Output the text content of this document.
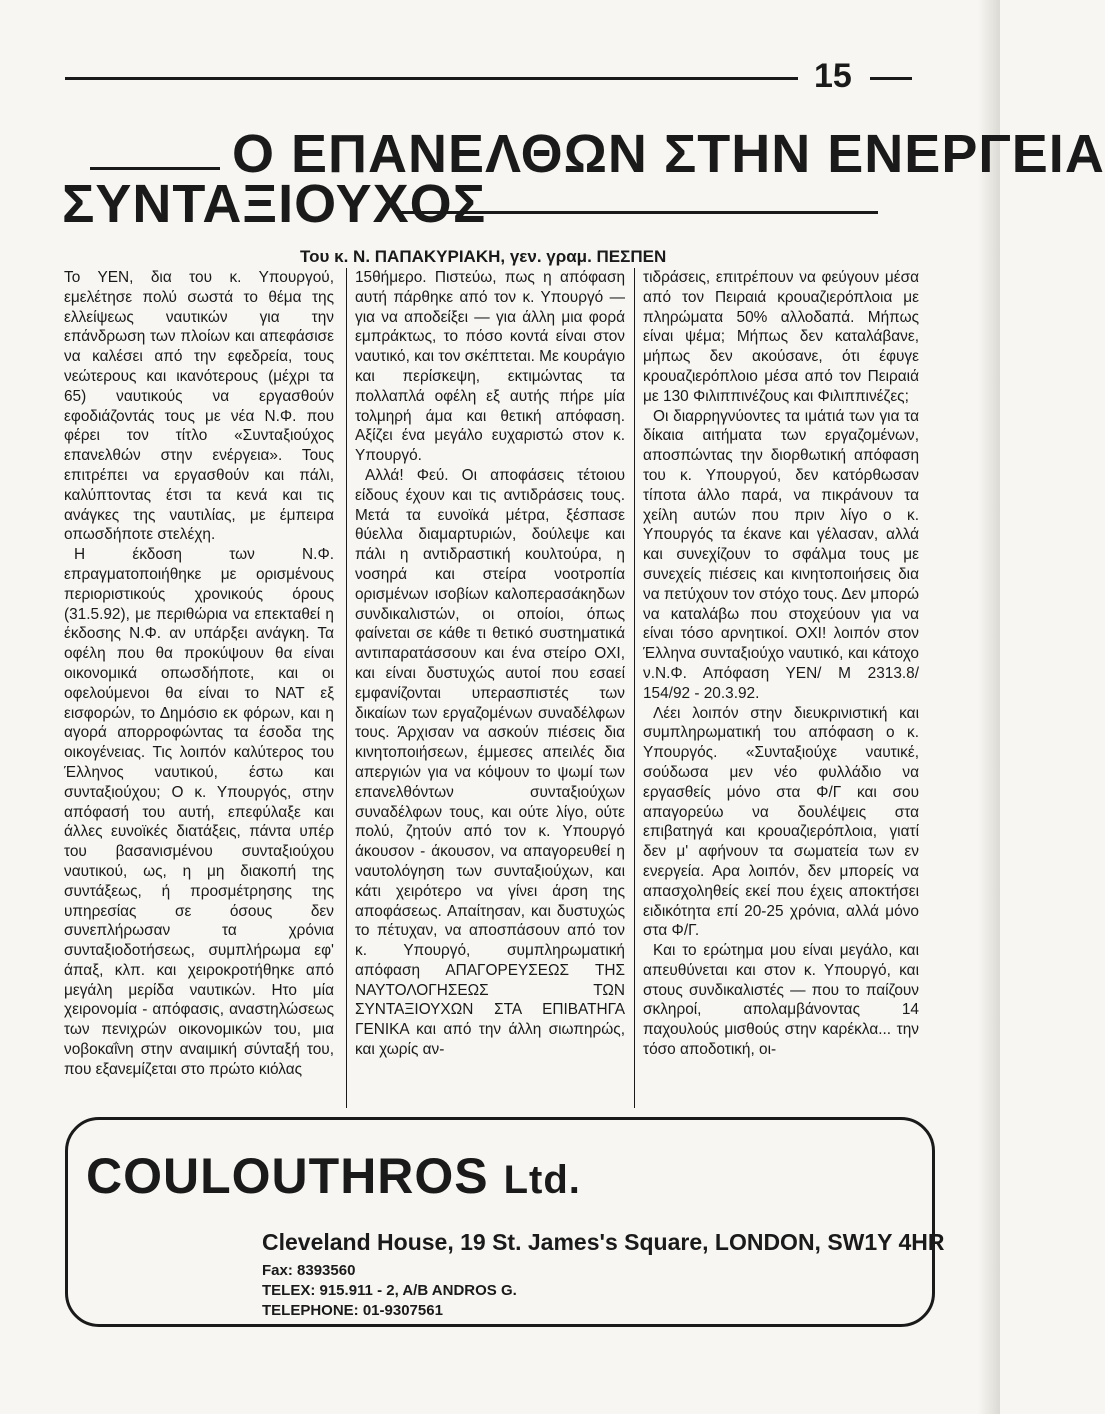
15
Ο ΕΠΑΝΕΛΘΩΝ ΣΤΗΝ ΕΝΕΡΓΕΙΑ
ΣΥΝΤΑΞΙΟΥΧΟΣ
Του κ. Ν. ΠΑΠΑΚΥΡΙΑΚΗ, γεν. γραμ. ΠΕΣΠΕΝ

Το ΥΕΝ, δια του κ. Υπουργού, εμελέτησε πολύ σωστά το θέμα της ελλείψεως ναυτικών για την επάνδρωση των πλοίων και απεφάσισε να καλέσει από την εφεδρεία, τους νεώτερους και ικανότερους (μέχρι τα 65) ναυτικούς να εργασθούν εφοδιάζοντάς τους με νέα Ν.Φ. που φέρει τον τίτλο «Συνταξιούχος επανελθών στην ενέργεια». Τους επιτρέπει να εργασθούν και πάλι, καλύπτοντας έτσι τα κενά και τις ανάγκες της ναυτιλίας, με έμπειρα οπωσδήποτε στελέχη.

Η έκδοση των Ν.Φ. επραγματοποιήθηκε με ορισμένους περιοριστικούς χρονικούς όρους (31.5.92), με περιθώρια να επεκταθεί η έκδοσης Ν.Φ. αν υπάρξει ανάγκη. Τα οφέλη που θα προκύψουν θα είναι οικονομικά οπωσδήποτε, και οι οφελούμενοι θα είναι το ΝΑΤ εξ εισφορών, το Δημόσιο εκ φόρων, και η αγορά απορροφώντας τα έσοδα της οικογένειας. Τις λοιπόν καλύτερος του Έλληνος ναυτικού, έστω και συνταξιούχου; Ο κ. Υπουργός, στην απόφασή του αυτή, επεφύλαξε και άλλες ευνοϊκές διατάξεις, πάντα υπέρ του βασανισμένου συνταξιούχου ναυτικού, ως, η μη διακοπή της συντάξεως, ή προσμέτρησης της υπηρεσίας σε όσους δεν συνεπλήρωσαν τα χρόνια συνταξιοδοτήσεως, συμπλήρωμα εφ' άπαξ, κλπ. και χειροκροτήθηκε από μεγάλη μερίδα ναυτικών. Ητο μία χειρονομία - απόφασις, αναστηλώσεως των πενιχρών οικονομικών του, μια νοβοκαΐνη στην αναιμική σύνταξή του, που εξανεμίζεται στο πρώτο κιόλας

15θήμερο. Πιστεύω, πως η απόφαση αυτή πάρθηκε από τον κ. Υπουργό — για να αποδείξει — για άλλη μια φορά εμπράκτως, το πόσο κοντά είναι στον ναυτικό, και τον σκέπτεται. Με κουράγιο και περίσκεψη, εκτιμώντας τα πολλαπλά οφέλη εξ αυτής πήρε μία τολμηρή άμα και θετική απόφαση. Αξίζει ένα μεγάλο ευχαριστώ στον κ. Υπουργό.

Αλλά! Φεύ. Οι αποφάσεις τέτοιου είδους έχουν και τις αντιδράσεις τους. Μετά τα ευνοϊκά μέτρα, ξέσπασε θύελλα διαμαρτυριών, δούλεψε και πάλι η αντιδραστική κουλτούρα, η νοσηρά και στείρα νοοτροπία ορισμένων ισοβίων καλοπερασάκηδων συνδικαλιστών, οι οποίοι, όπως φαίνεται σε κάθε τι θετικό συστηματικά αντιπαρατάσσουν και ένα στείρο ΟΧΙ, και είναι δυστυχώς αυτοί που εσαεί εμφανίζονται υπερασπιστές των δικαίων των εργαζομένων συναδέλφων τους. Άρχισαν να ασκούν πιέσεις δια κινητοποιήσεων, έμμεσες απειλές δια απεργιών για να κόψουν το ψωμί των επανελθόντων συνταξιούχων συναδέλφων τους, και ούτε λίγο, ούτε πολύ, ζητούν από τον κ. Υπουργό άκουσον - άκουσον, να απαγορευθεί η ναυτολόγηση των συνταξιούχων, και κάτι χειρότερο να γίνει άρση της αποφάσεως. Απαίτησαν, και δυστυχώς το πέτυχαν, να αποσπάσουν από τον κ. Υπουργό, συμπληρωματική απόφαση ΑΠΑΓΟΡΕΥΣΕΩΣ ΤΗΣ ΝΑΥΤΟΛΟΓΗΣΕΩΣ ΤΩΝ ΣΥΝΤΑΞΙΟΥΧΩΝ ΣΤΑ ΕΠΙΒΑΤΗΓΑ ΓΕΝΙΚΑ και από την άλλη σιωπηρώς, και χωρίς αν-

τιδράσεις, επιτρέπουν να φεύγουν μέσα από τον Πειραιά κρουαζιερόπλοια με πληρώματα 50% αλλοδαπά. Μήπως είναι ψέμα; Μήπως δεν καταλάβανε, μήπως δεν ακούσανε, ότι έφυγε κρουαζιερόπλοιο μέσα από τον Πειραιά με 130 Φιλιππινέζους και Φιλιππινέζες;

Οι διαρρηγνύοντες τα ιμάτιά των για τα δίκαια αιτήματα των εργαζομένων, αποσπώντας την διορθωτική απόφαση του κ. Υπουργού, δεν κατόρθωσαν τίποτα άλλο παρά, να πικράνουν τα χείλη αυτών που πριν λίγο ο κ. Υπουργός τα έκανε και γέλασαν, αλλά και συνεχίζουν το σφάλμα τους με συνεχείς πιέσεις και κινητοποιήσεις δια να πετύχουν τον στόχο τους. Δεν μπορώ να καταλάβω που στοχεύουν για να είναι τόσο αρνητικοί. ΟΧΙ! λοιπόν στον Έλληνα συνταξιούχο ναυτικό, και κάτοχο ν.Ν.Φ. Απόφαση ΥΕΝ/ Μ 2313.8/ 154/92 - 20.3.92.

Λέει λοιπόν στην διευκρινιστική και συμπληρωματική του απόφαση ο κ. Υπουργός. «Συνταξιούχε ναυτικέ, σούδωσα μεν νέο φυλλάδιο να εργασθείς μόνο στα Φ/Γ και σου απαγορεύω να δουλέψεις στα επιβατηγά και κρουαζιερόπλοια, γιατί δεν μ' αφήνουν τα σωματεία των εν ενεργεία. Αρα λοιπόν, δεν μπορείς να απασχοληθείς εκεί που έχεις αποκτήσει ειδικότητα επί 20-25 χρόνια, αλλά μόνο στα Φ/Γ.

Και το ερώτημα μου είναι μεγάλο, και απευθύνεται και στον κ. Υπουργό, και στους συνδικαλιστές — που το παίζουν σκληροί, απολαμβάνοντας 14 παχουλούς μισθούς στην καρέκλα... την τόσο αποδοτική, οι-

COULOUTHROS Ltd.
Cleveland House, 19 St. James's Square, LONDON, SW1Y 4HR
Fax: 8393560
TELEX: 915.911 - 2, A/B ANDROS G.
TELEPHONE: 01-9307561
